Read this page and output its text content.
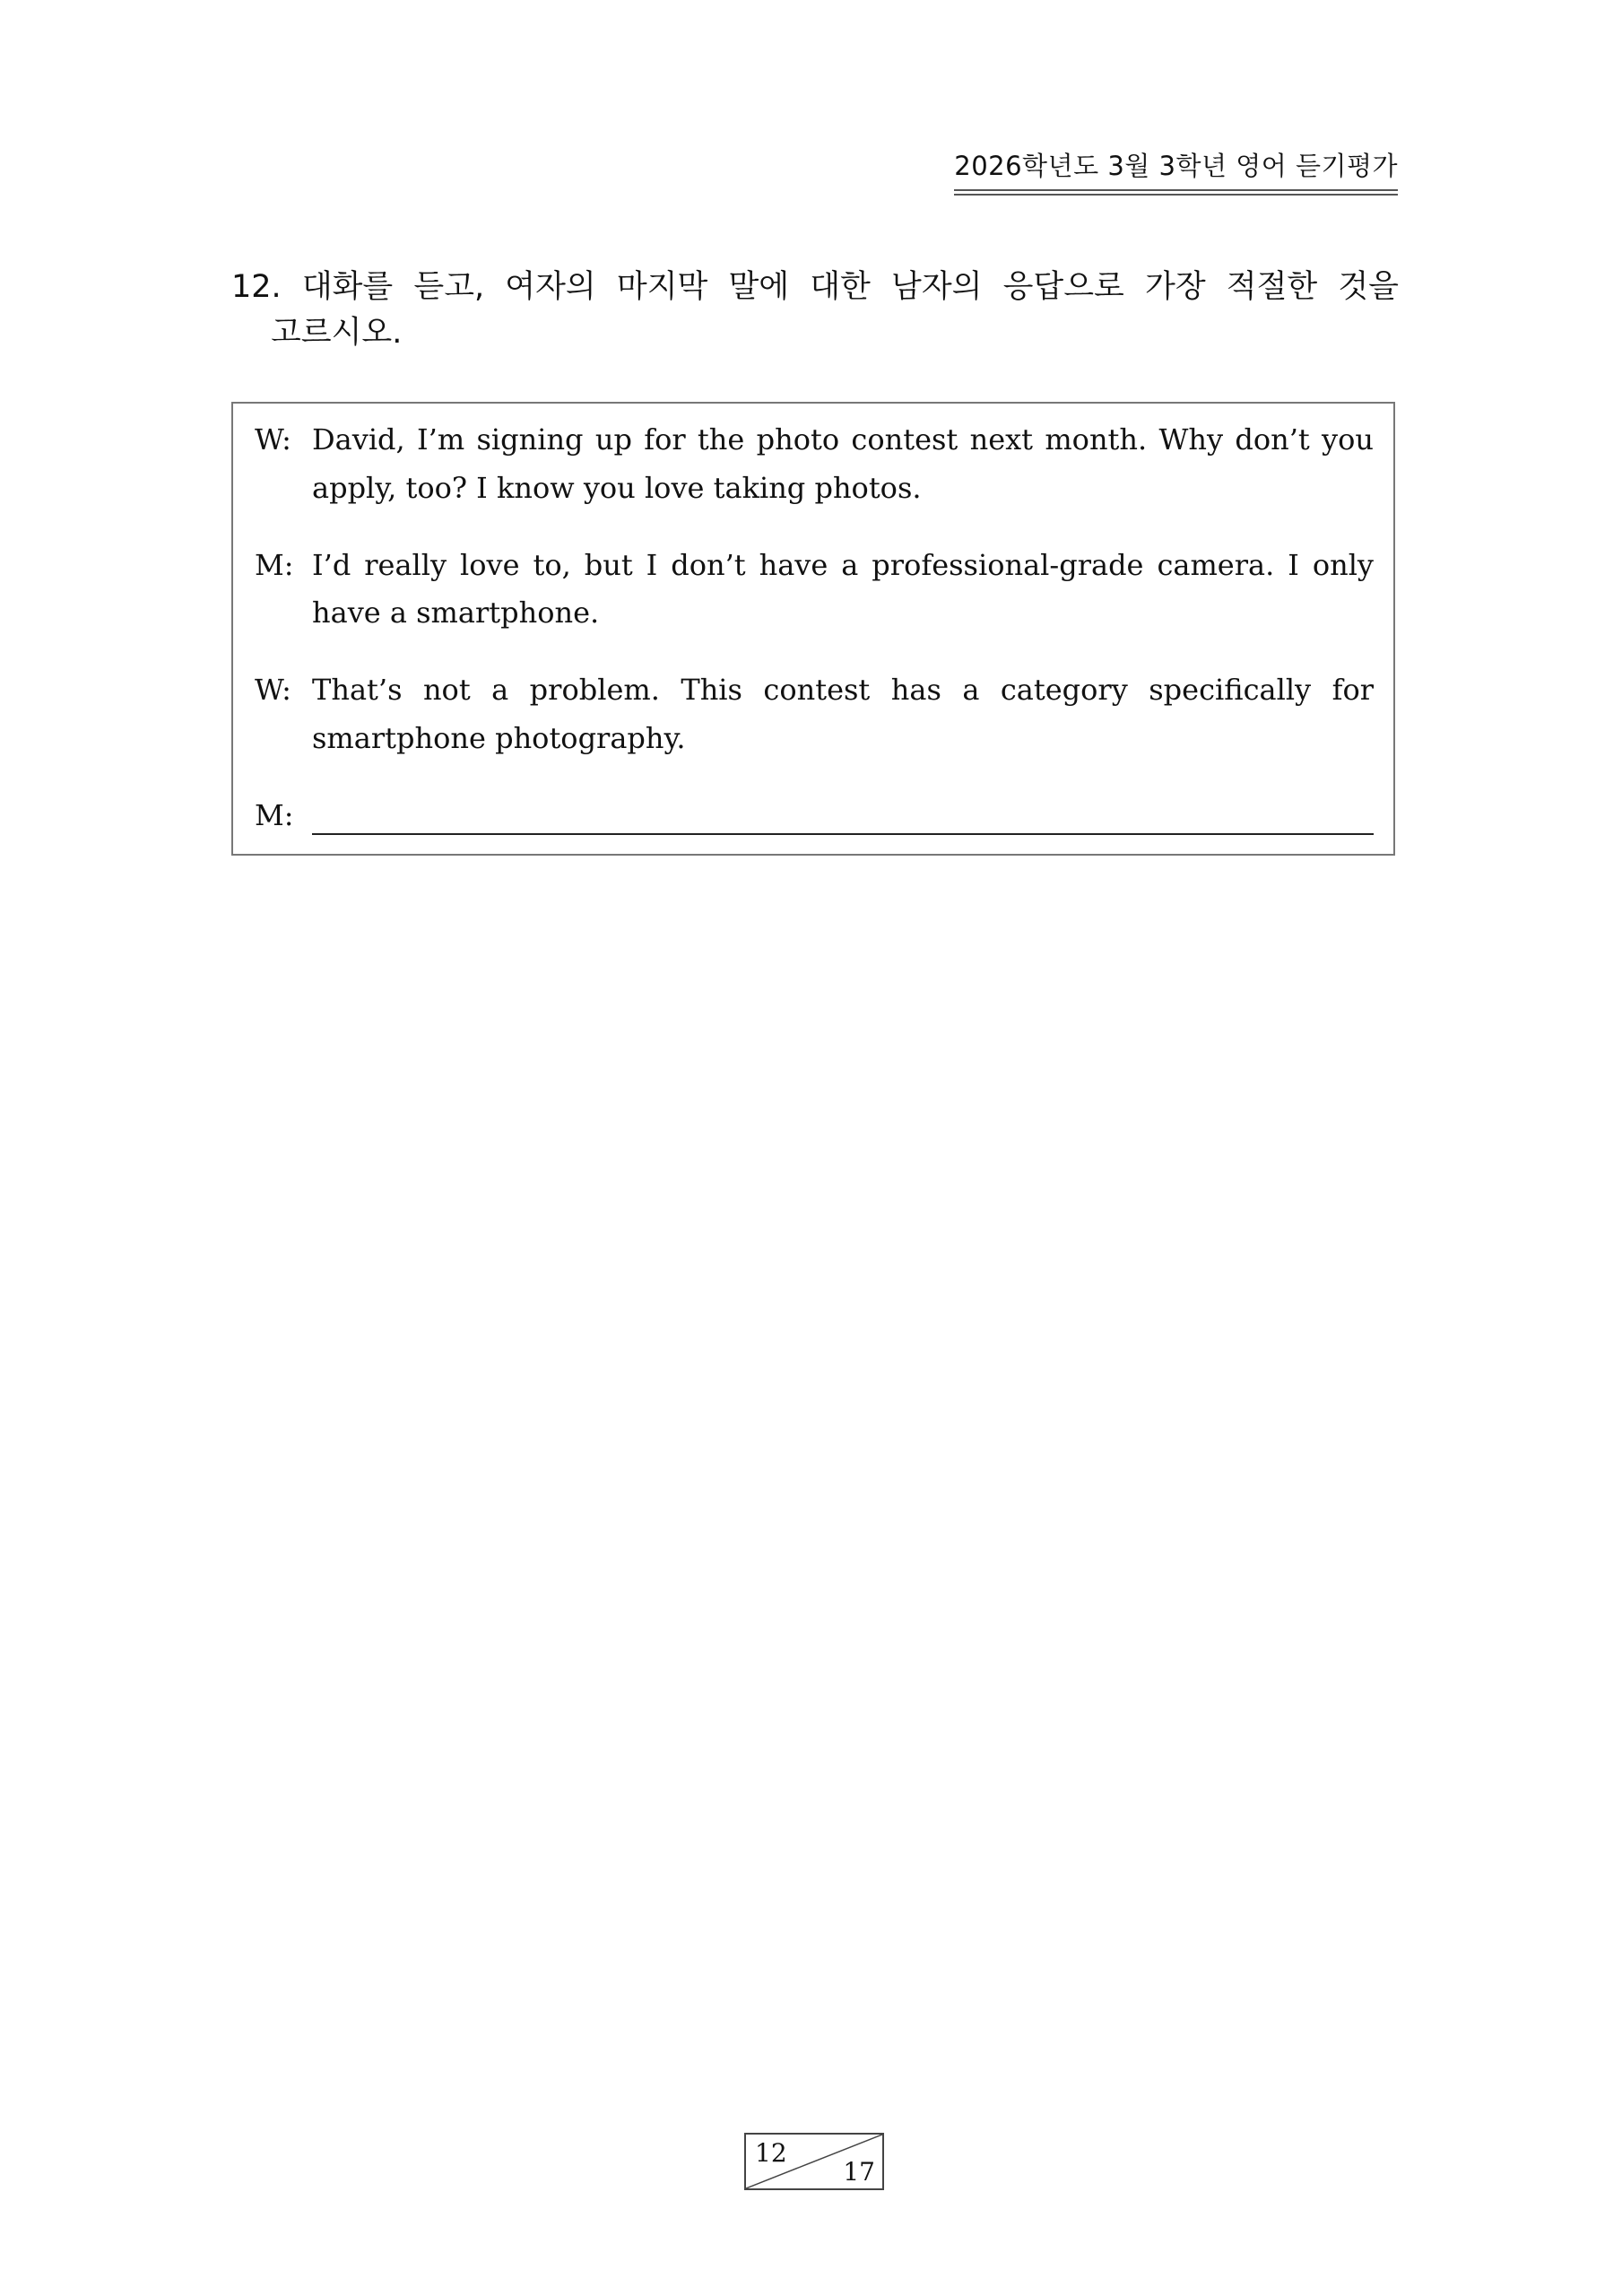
2026학년도 3월 3학년 영어 듣기평가
12. 대화를 듣고, 여자의 마지막 말에 대한 남자의 응답으로 가장 적절한 것을
고르시오.
W: David, I’m signing up for the photo contest next month. Why don’t you apply, too? I know you love taking photos.
M: I’d really love to, but I don’t have a professional-grade camera. I only have a smartphone.
W: That’s not a problem. This contest has a category specifically for smartphone photography.
M:
12
17
